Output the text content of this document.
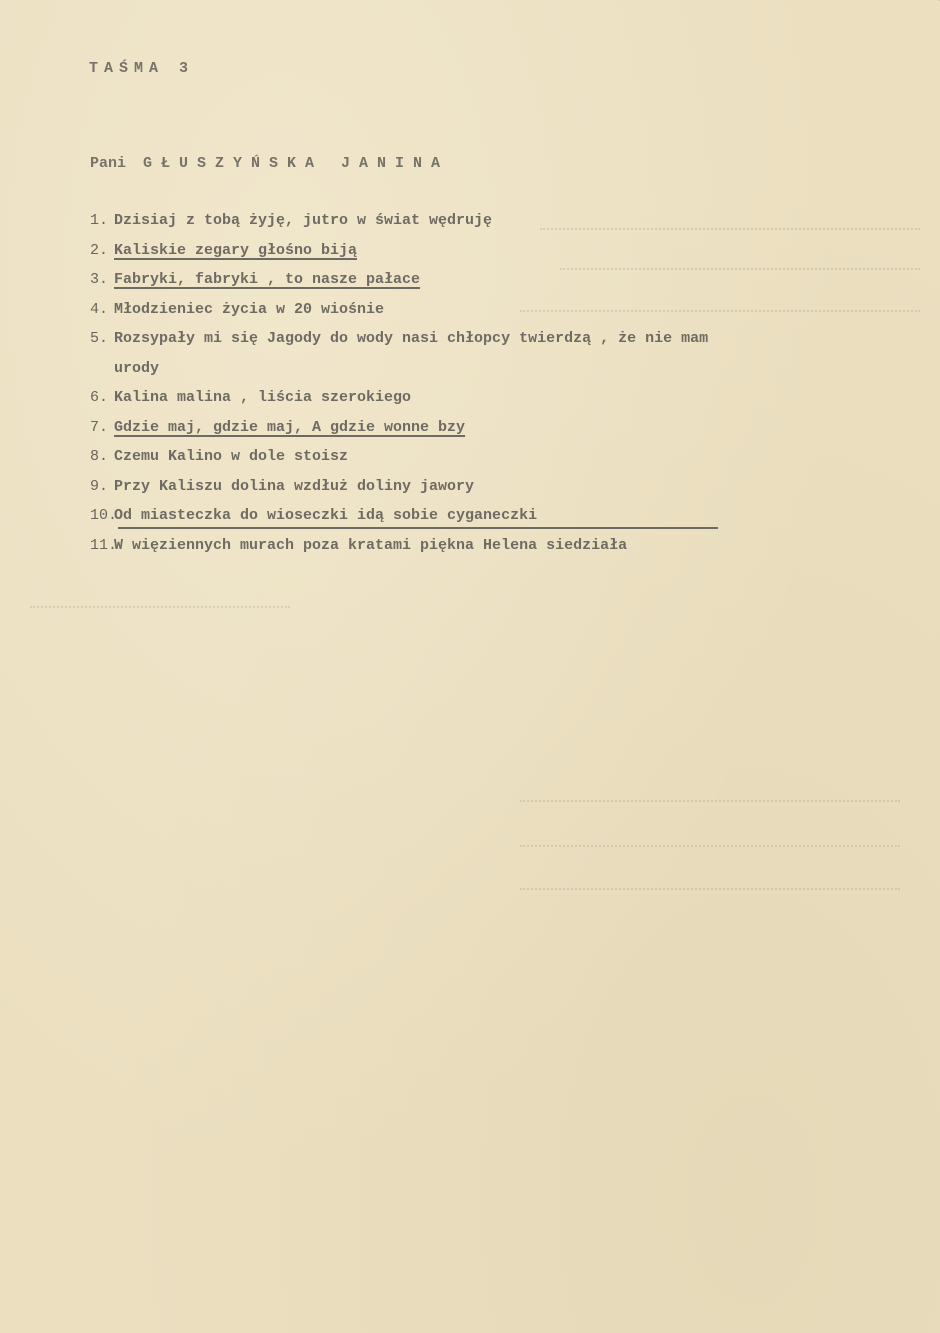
TAŚMA 3
Pani GŁUSZYŃSKA JANINA
1. Dzisiaj z tobą żyję, jutro w świat wędruję
2. Kaliskie zegary głośno biją
3. Fabryki, fabryki , to nasze pałace
4. Młodzieniec życia w 20 wiośnie
5. Rozsypały mi się Jagody do wody nasi chłopcy twierdzą , że nie mam
urody
6. Kalina malina , liścia szerokiego
7. Gdzie maj, gdzie maj, A gdzie wonne bzy
8. Czemu Kalino w dole stoisz
9. Przy Kaliszu dolina wzdłuż doliny jawory
10.Od miasteczka do wioseczki idą sobie cyganeczki
11.W więziennych murach poza kratami piękna Helena siedziała
